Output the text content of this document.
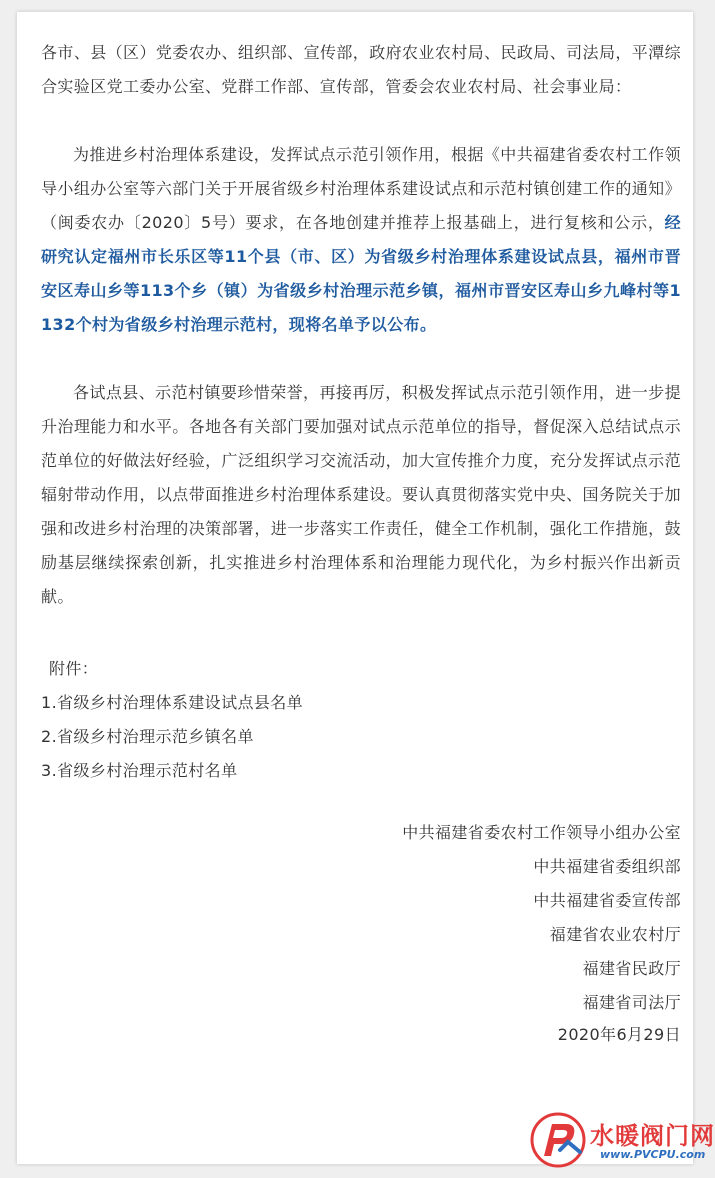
各市、县（区）党委农办、组织部、宣传部，政府农业农村局、民政局、司法局，平潭综合实验区党工委办公室、党群工作部、宣传部，管委会农业农村局、社会事业局：

为推进乡村治理体系建设，发挥试点示范引领作用，根据《中共福建省委农村工作领导小组办公室等六部门关于开展省级乡村治理体系建设试点和示范村镇创建工作的通知》（闽委农办〔2020〕5号）要求，在各地创建并推荐上报基础上，进行复核和公示，经研究认定福州市长乐区等11个县（市、区）为省级乡村治理体系建设试点县，福州市晋安区寿山乡等113个乡（镇）为省级乡村治理示范乡镇，福州市晋安区寿山乡九峰村等1132个村为省级乡村治理示范村，现将名单予以公布。

各试点县、示范村镇要珍惜荣誉，再接再厉，积极发挥试点示范引领作用，进一步提升治理能力和水平。各地各有关部门要加强对试点示范单位的指导，督促深入总结试点示范单位的好做法好经验，广泛组织学习交流活动，加大宣传推介力度，充分发挥试点示范辐射带动作用，以点带面推进乡村治理体系建设。要认真贯彻落实党中央、国务院关于加强和改进乡村治理的决策部署，进一步落实工作责任，健全工作机制，强化工作措施，鼓励基层继续探索创新，扎实推进乡村治理体系和治理能力现代化，为乡村振兴作出新贡献。

附件：
1.省级乡村治理体系建设试点县名单
2.省级乡村治理示范乡镇名单
3.省级乡村治理示范村名单
中共福建省委农村工作领导小组办公室
中共福建省委组织部
中共福建省委宣传部
福建省农业农村厅
福建省民政厅
福建省司法厅
2020年6月29日
水暖阀门网
www.PVCPU.com
